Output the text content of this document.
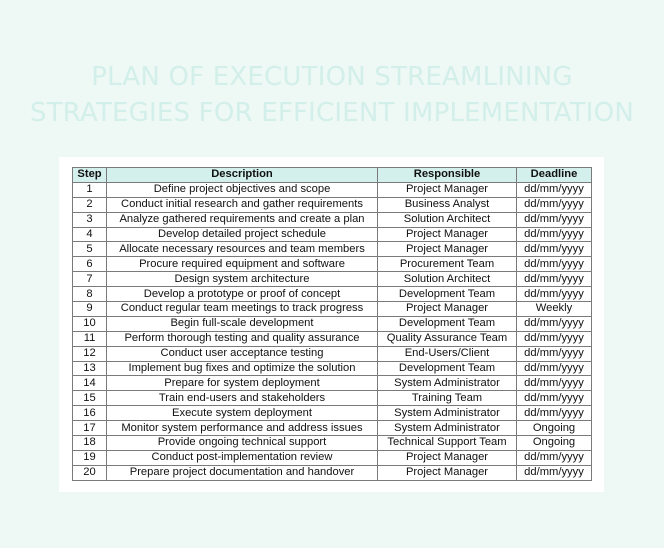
PLAN OF EXECUTION STREAMLINING
STRATEGIES FOR EFFICIENT IMPLEMENTATION
Step	Description	Responsible	Deadline
1	Define project objectives and scope	Project Manager	dd/mm/yyyy
2	Conduct initial research and gather requirements	Business Analyst	dd/mm/yyyy
3	Analyze gathered requirements and create a plan	Solution Architect	dd/mm/yyyy
4	Develop detailed project schedule	Project Manager	dd/mm/yyyy
5	Allocate necessary resources and team members	Project Manager	dd/mm/yyyy
6	Procure required equipment and software	Procurement Team	dd/mm/yyyy
7	Design system architecture	Solution Architect	dd/mm/yyyy
8	Develop a prototype or proof of concept	Development Team	dd/mm/yyyy
9	Conduct regular team meetings to track progress	Project Manager	Weekly
10	Begin full-scale development	Development Team	dd/mm/yyyy
11	Perform thorough testing and quality assurance	Quality Assurance Team	dd/mm/yyyy
12	Conduct user acceptance testing	End-Users/Client	dd/mm/yyyy
13	Implement bug fixes and optimize the solution	Development Team	dd/mm/yyyy
14	Prepare for system deployment	System Administrator	dd/mm/yyyy
15	Train end-users and stakeholders	Training Team	dd/mm/yyyy
16	Execute system deployment	System Administrator	dd/mm/yyyy
17	Monitor system performance and address issues	System Administrator	Ongoing
18	Provide ongoing technical support	Technical Support Team	Ongoing
19	Conduct post-implementation review	Project Manager	dd/mm/yyyy
20	Prepare project documentation and handover	Project Manager	dd/mm/yyyy
